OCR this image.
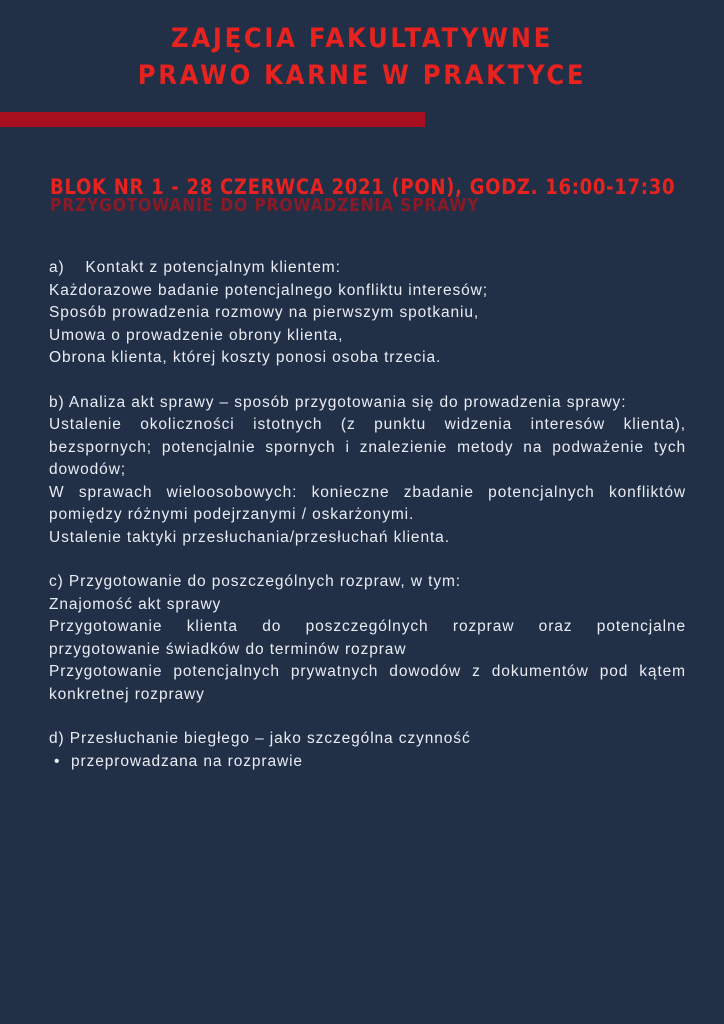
ZAJĘCIA FAKULTATYWNE
PRAWO KARNE W PRAKTYCE
BLOK NR 1 - 28 CZERWCA 2021 (PON), GODZ. 16:00-17:30
PRZYGOTOWANIE DO PROWADZENIA SPRAWY

a)    Kontakt z potencjalnym klientem:

Każdorazowe badanie potencjalnego konfliktu interesów;

Sposób prowadzenia rozmowy na pierwszym spotkaniu,

Umowa o prowadzenie obrony klienta,

Obrona klienta, której koszty ponosi osoba trzecia.

b) Analiza akt sprawy – sposób przygotowania się do prowadzenia sprawy:

Ustalenie okoliczności istotnych (z punktu widzenia interesów klienta), bezspornych; potencjalnie spornych i znalezienie metody na podważenie tych dowodów;

W sprawach wieloosobowych: konieczne zbadanie potencjalnych konfliktów pomiędzy różnymi podejrzanymi / oskarżonymi.

Ustalenie taktyki przesłuchania/przesłuchań klienta.

c) Przygotowanie do poszczególnych rozpraw, w tym:

Znajomość akt sprawy

Przygotowanie klienta do poszczególnych rozpraw oraz potencjalne przygotowanie świadków do terminów rozpraw

Przygotowanie potencjalnych prywatnych dowodów z dokumentów pod kątem konkretnej rozprawy

d) Przesłuchanie biegłego – jako szczególna czynność

• przeprowadzana na rozprawie
